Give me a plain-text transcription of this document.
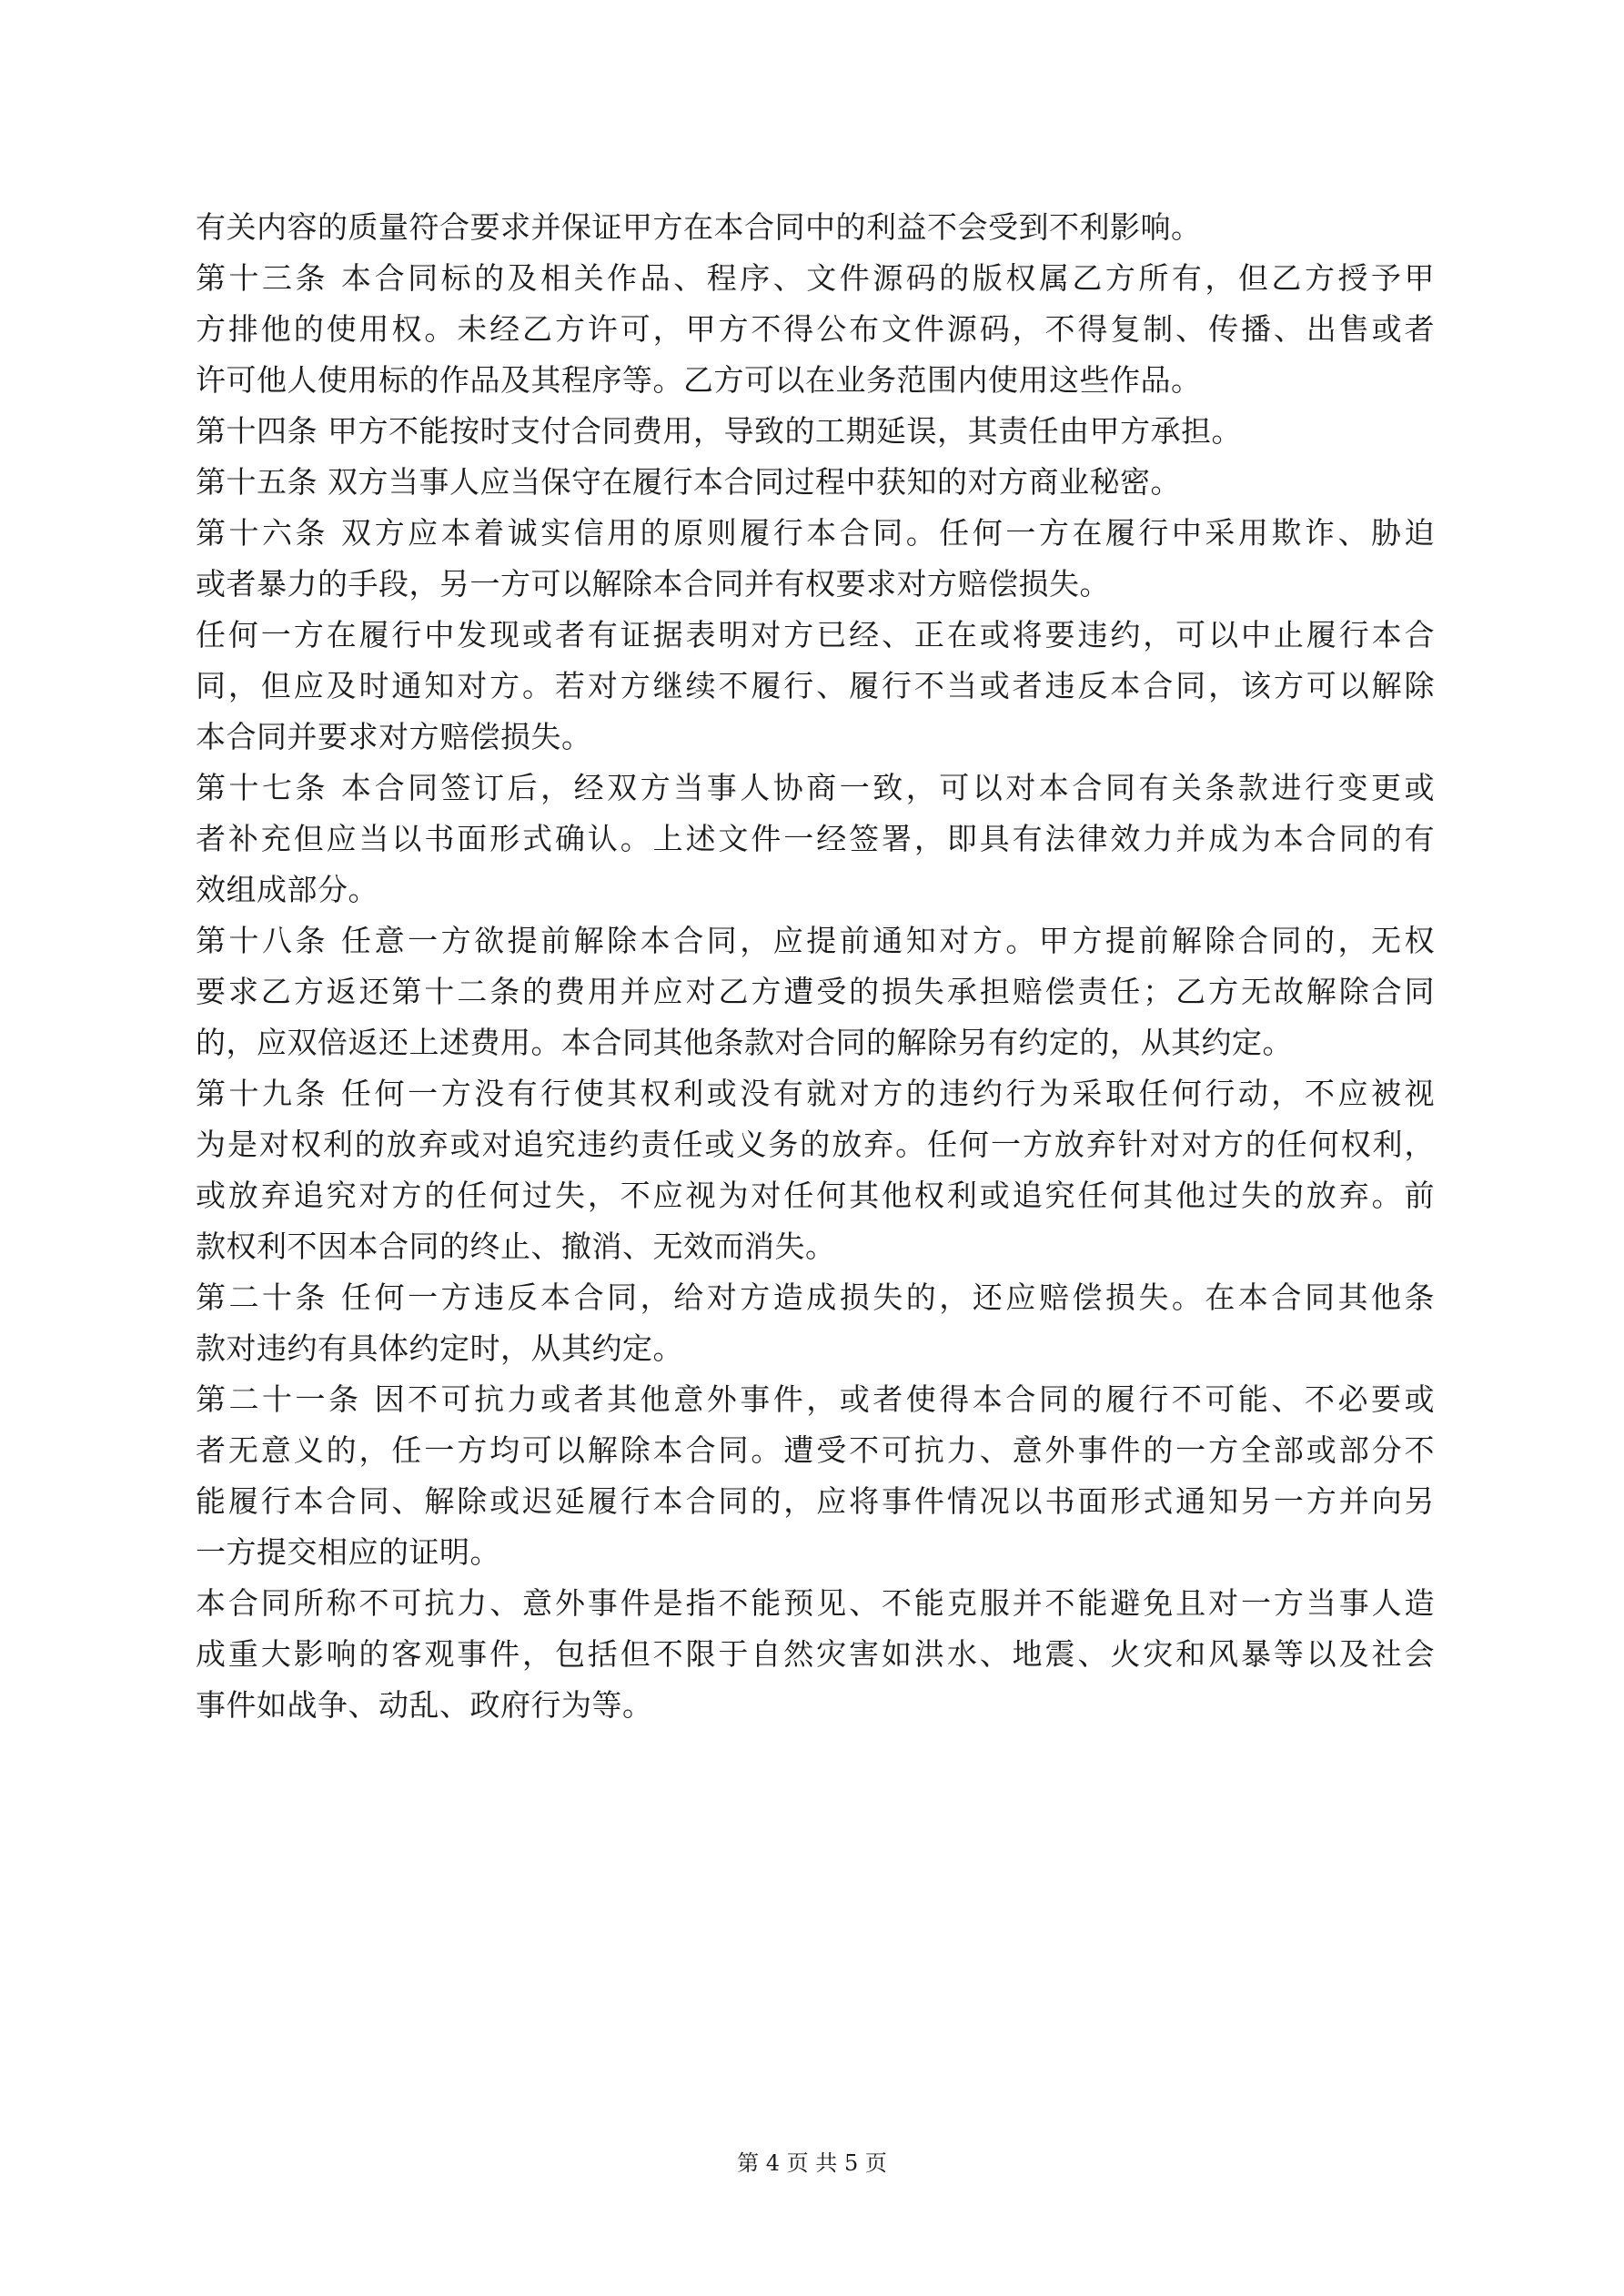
有关内容的质量符合要求并保证甲方在本合同中的利益不会受到不利影响。
第十三条 本合同标的及相关作品、程序、文件源码的版权属乙方所有，但乙方授予甲
方排他的使用权。未经乙方许可，甲方不得公布文件源码，不得复制、传播、出售或者
许可他人使用标的作品及其程序等。乙方可以在业务范围内使用这些作品。
第十四条 甲方不能按时支付合同费用，导致的工期延误，其责任由甲方承担。
第十五条 双方当事人应当保守在履行本合同过程中获知的对方商业秘密。
第十六条 双方应本着诚实信用的原则履行本合同。任何一方在履行中采用欺诈、胁迫
或者暴力的手段，另一方可以解除本合同并有权要求对方赔偿损失。
任何一方在履行中发现或者有证据表明对方已经、正在或将要违约，可以中止履行本合
同，但应及时通知对方。若对方继续不履行、履行不当或者违反本合同，该方可以解除
本合同并要求对方赔偿损失。
第十七条 本合同签订后，经双方当事人协商一致，可以对本合同有关条款进行变更或
者补充但应当以书面形式确认。上述文件一经签署，即具有法律效力并成为本合同的有
效组成部分。
第十八条 任意一方欲提前解除本合同，应提前通知对方。甲方提前解除合同的，无权
要求乙方返还第十二条的费用并应对乙方遭受的损失承担赔偿责任；乙方无故解除合同
的，应双倍返还上述费用。本合同其他条款对合同的解除另有约定的，从其约定。
第十九条 任何一方没有行使其权利或没有就对方的违约行为采取任何行动，不应被视
为是对权利的放弃或对追究违约责任或义务的放弃。任何一方放弃针对对方的任何权利，
或放弃追究对方的任何过失，不应视为对任何其他权利或追究任何其他过失的放弃。前
款权利不因本合同的终止、撤消、无效而消失。
第二十条 任何一方违反本合同，给对方造成损失的，还应赔偿损失。在本合同其他条
款对违约有具体约定时，从其约定。
第二十一条 因不可抗力或者其他意外事件，或者使得本合同的履行不可能、不必要或
者无意义的，任一方均可以解除本合同。遭受不可抗力、意外事件的一方全部或部分不
能履行本合同、解除或迟延履行本合同的，应将事件情况以书面形式通知另一方并向另
一方提交相应的证明。
本合同所称不可抗力、意外事件是指不能预见、不能克服并不能避免且对一方当事人造
成重大影响的客观事件，包括但不限于自然灾害如洪水、地震、火灾和风暴等以及社会
事件如战争、动乱、政府行为等。
第 4 页 共 5 页
